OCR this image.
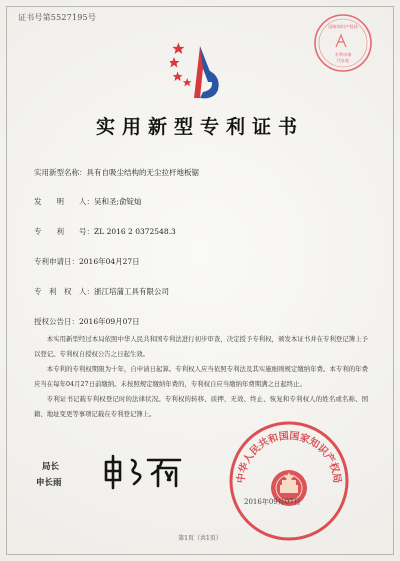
证书号第5527195号
专利申请
代办处
国家知识产权局
实用新型专利证书
实用新型名称：具有自吸尘结构的无尘拉杆地板锯
发　　明　　人：吴和圣;俞锭灿
专　　利　　号：ZL 2016 2 0372548.3
专利申请日：2016年04月27日
专　利　权　人：浙江培蒲工具有限公司
授权公告日：2016年09月07日

本实用新型经过本局依照中华人民共和国专利法进行初步审查，决定授予专利权，颁发本证书并在专利登记簿上予以登记。专利权自授权公告之日起生效。

本专利的专利权期限为十年，自申请日起算。专利权人应当依照专利法及其实施细则规定缴纳年费。本专利的年费应当在每年04月27日前缴纳。未按照规定缴纳年费的，专利权自应当缴纳年费期满之日起终止。

专利证书记载专利权登记时的法律状况。专利权的转移、质押、无效、终止、恢复和专利权人的姓名或名称、国籍、地址变更等事项记载在专利登记簿上。

局长
申长雨	中华人民共和国国家知识产权局
2016年09月07日
第1页（共1页）
